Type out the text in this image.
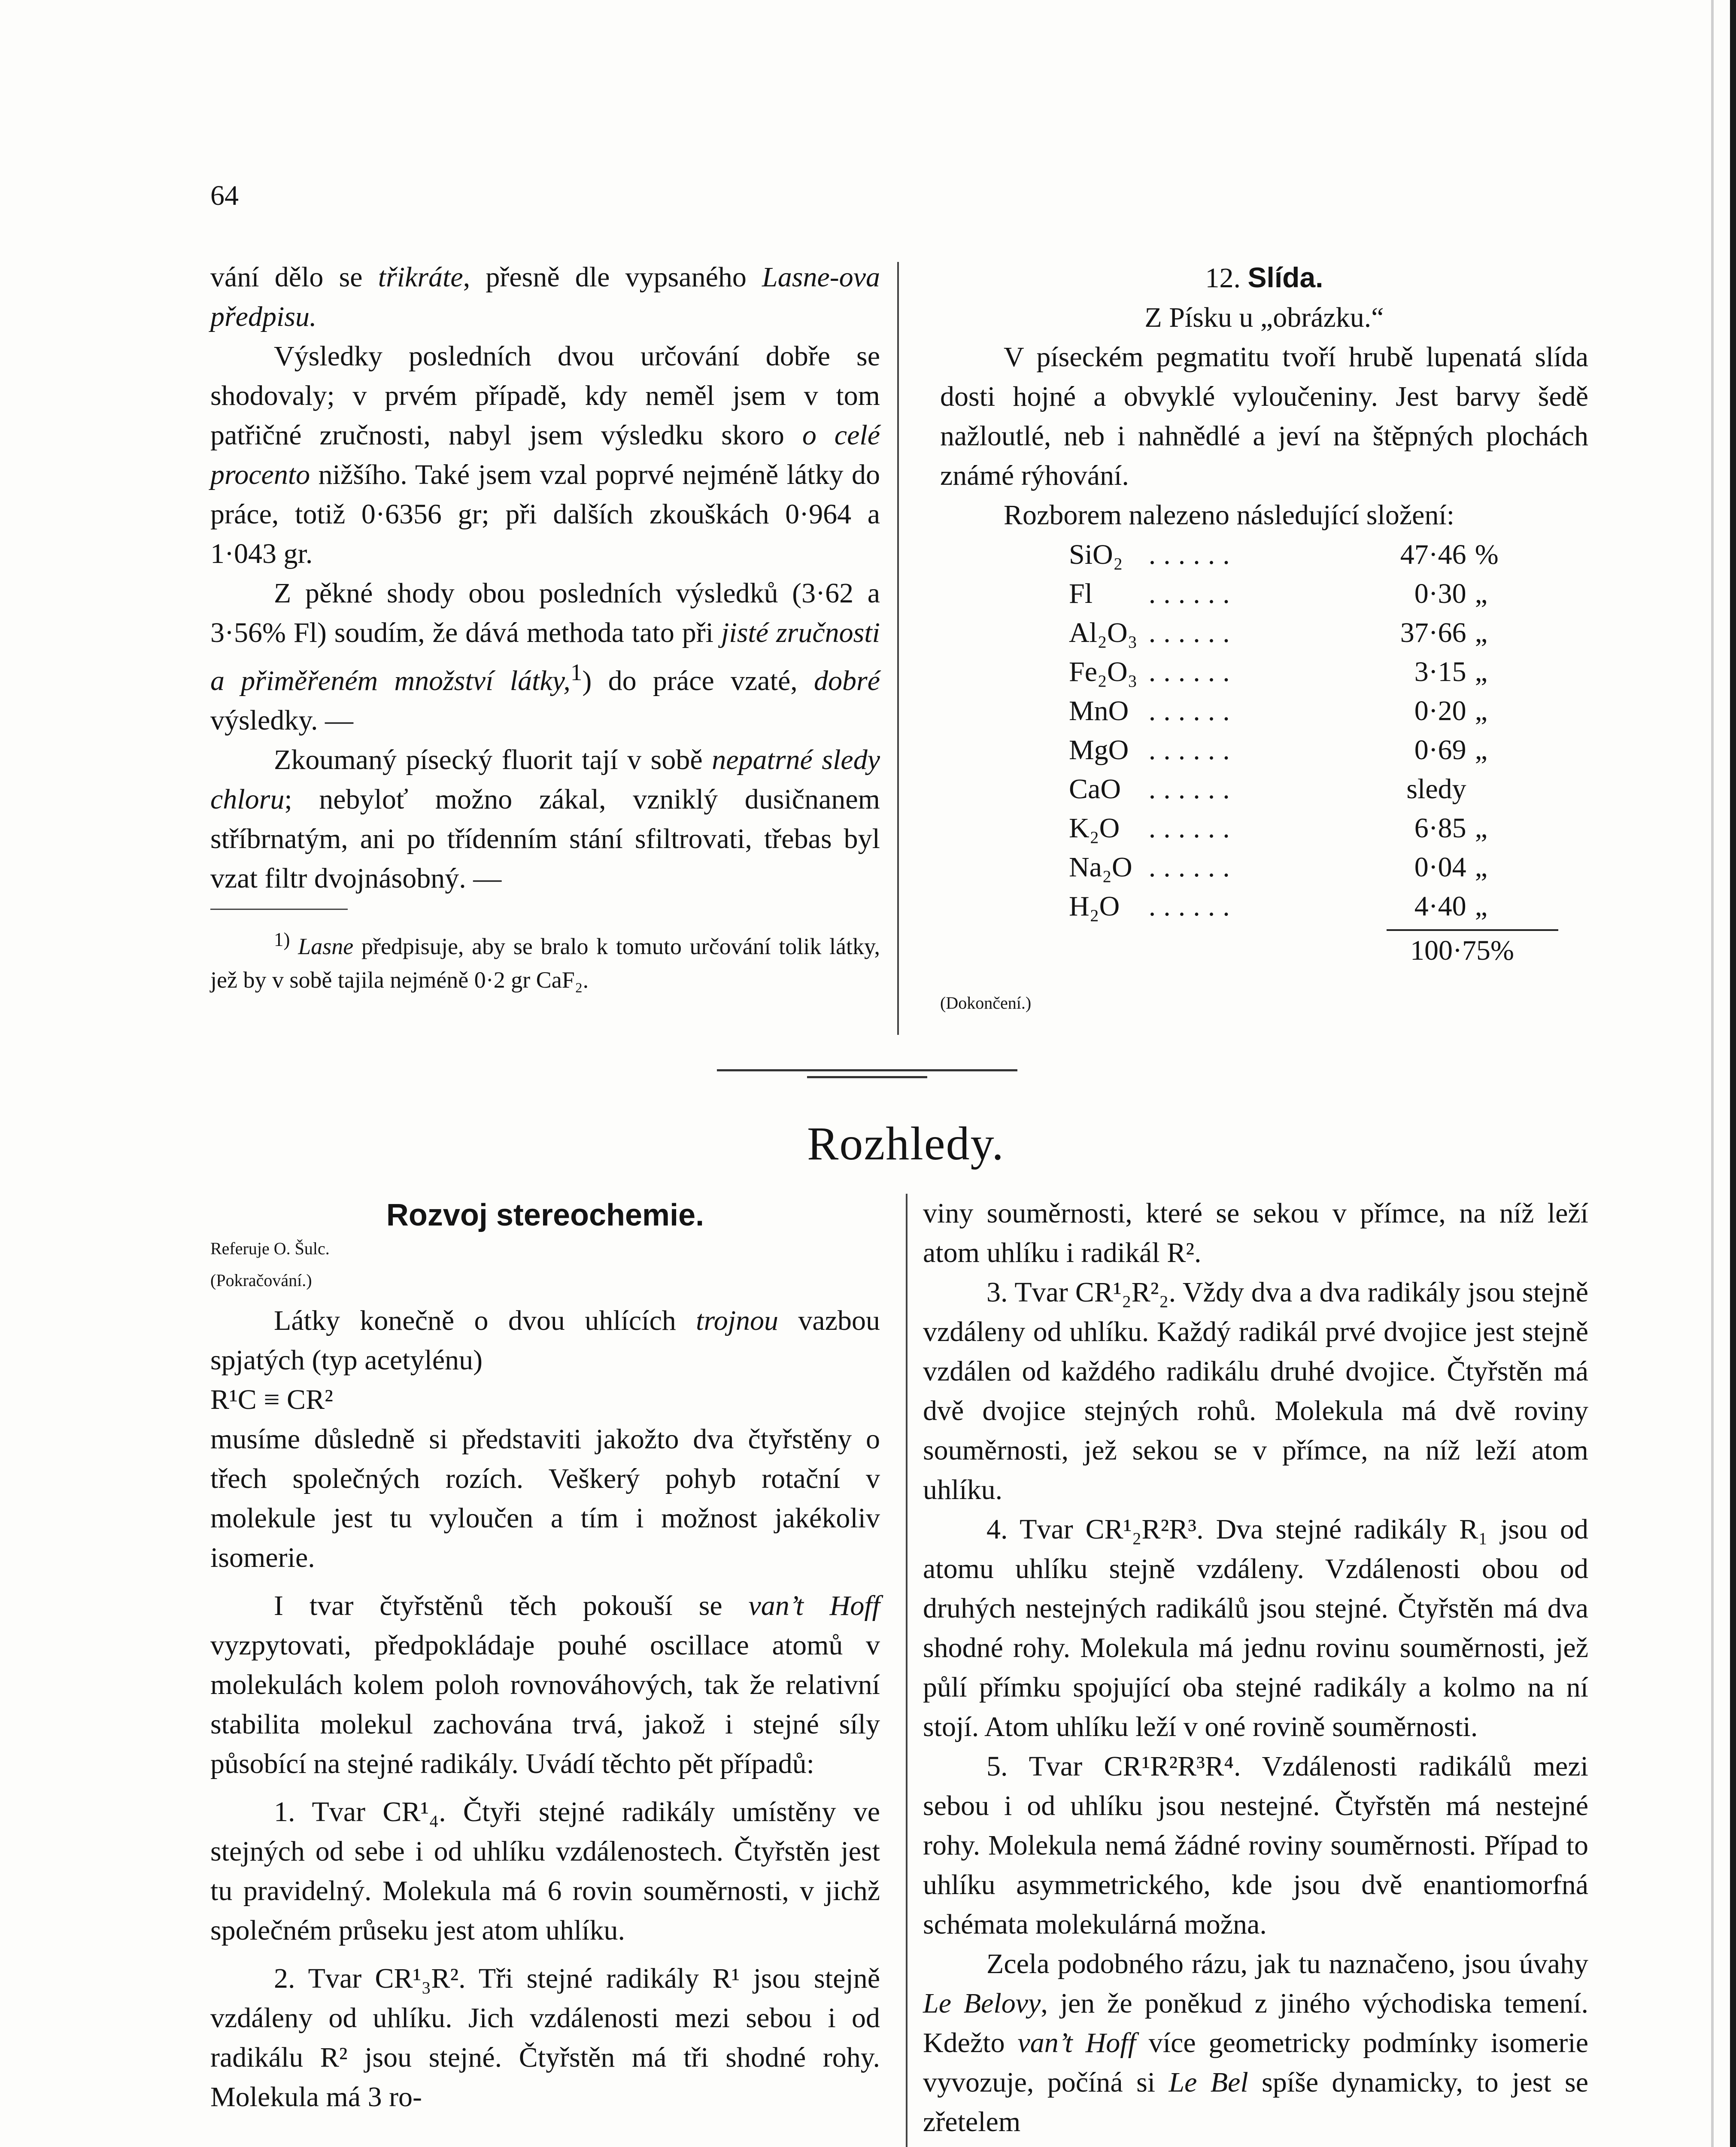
64

vání dělo se třikráte, přesně dle vypsaného Lasne-ova předpisu.

Výsledky posledních dvou určování dobře se shodovaly; v prvém případě, kdy neměl jsem v tom patřičné zručnosti, nabyl jsem výsledku skoro o celé procento nižšího. Také jsem vzal poprvé nejméně látky do práce, totiž 0·6356 gr; při dalších zkouškách 0·964 a 1·043 gr.

Z pěkné shody obou posledních výsledků (3·62 a 3·56% Fl) soudím, že dává methoda tato při jisté zručnosti a přiměřeném množství látky,$^1$) do práce vzaté, dobré výsledky. —

Zkoumaný písecký fluorit tají v sobě nepatrné sledy chloru; nebyloť možno zákal, vzniklý dusičnanem stříbrnatým, ani po třídenním stání sfiltrovati, třebas byl vzat filtr dvojnásobný. —

$^{1)}$ Lasne předpisuje, aby se bralo k tomuto určování tolik látky, jež by v sobě tajila nejméně 0·2 gr CaF₂.

12. Slída.

Z Písku u „obrázku.“

V píseckém pegmatitu tvoří hrubě lupenatá slída dosti hojné a obvyklé vyloučeniny. Jest barvy šedě nažloutlé, neb i nahnědlé a jeví na štěpných plochách známé rýhování.

Rozborem nalezeno následující složení:

SiO₂	......	47·46	%
Fl	......	0·30	„
Al₂O₃	......	37·66	„
Fe₂O₃	......	3·15	„
MnO	......	0·20	„
MgO	......	0·69	„
CaO	......	sledy	
K₂O	......	6·85	„
Na₂O	......	0·04	„
H₂O	......	4·40	„

100·75%

(Dokončení.)

Rozhledy.

Rozvoj stereochemie.

Referuje O. Šulc.

(Pokračování.)

Látky konečně o dvou uhlících trojnou vazbou spjatých (typ acetylénu)

R¹C ≡ CR²

musíme důsledně si představiti jakožto dva čtyřstěny o třech společných rozích. Veškerý pohyb rotační v molekule jest tu vyloučen a tím i možnost jakékoliv isomerie.

I tvar čtyřstěnů těch pokouší se van’t Hoff vyzpytovati, předpokládaje pouhé oscillace atomů v molekulách kolem poloh rovnováhových, tak že relativní stabilita molekul zachována trvá, jakož i stejné síly působící na stejné radikály. Uvádí těchto pět případů:

1. Tvar CR¹₄. Čtyři stejné radikály umístěny ve stejných od sebe i od uhlíku vzdálenostech. Čtyřstěn jest tu pravidelný. Molekula má 6 rovin souměrnosti, v jichž společném průseku jest atom uhlíku.

2. Tvar CR¹₃R². Tři stejné radikály R¹ jsou stejně vzdáleny od uhlíku. Jich vzdálenosti mezi sebou i od radikálu R² jsou stejné. Čtyřstěn má tři shodné rohy. Molekula má 3 ro-

viny souměrnosti, které se sekou v přímce, na níž leží atom uhlíku i radikál R².

3. Tvar CR¹₂R²₂. Vždy dva a dva radikály jsou stejně vzdáleny od uhlíku. Každý radikál prvé dvojice jest stejně vzdálen od každého radikálu druhé dvojice. Čtyřstěn má dvě dvojice stejných rohů. Molekula má dvě roviny souměrnosti, jež sekou se v přímce, na níž leží atom uhlíku.

4. Tvar CR¹₂R²R³. Dva stejné radikály R₁ jsou od atomu uhlíku stejně vzdáleny. Vzdálenosti obou od druhých nestejných radikálů jsou stejné. Čtyřstěn má dva shodné rohy. Molekula má jednu rovinu souměrnosti, jež půlí přímku spojující oba stejné radikály a kolmo na ní stojí. Atom uhlíku leží v oné rovině souměrnosti.

5. Tvar CR¹R²R³R⁴. Vzdálenosti radikálů mezi sebou i od uhlíku jsou nestejné. Čtyřstěn má nestejné rohy. Molekula nemá žádné roviny souměrnosti. Případ to uhlíku asymmetrického, kde jsou dvě enantiomorfná schémata molekulárná možna.

Zcela podobného rázu, jak tu naznačeno, jsou úvahy Le Belovy, jen že poněkud z jiného východiska temení. Kdežto van’t Hoff více geometricky podmínky isomerie vyvozuje, počíná si Le Bel spíše dynamicky, to jest se zřetelem
